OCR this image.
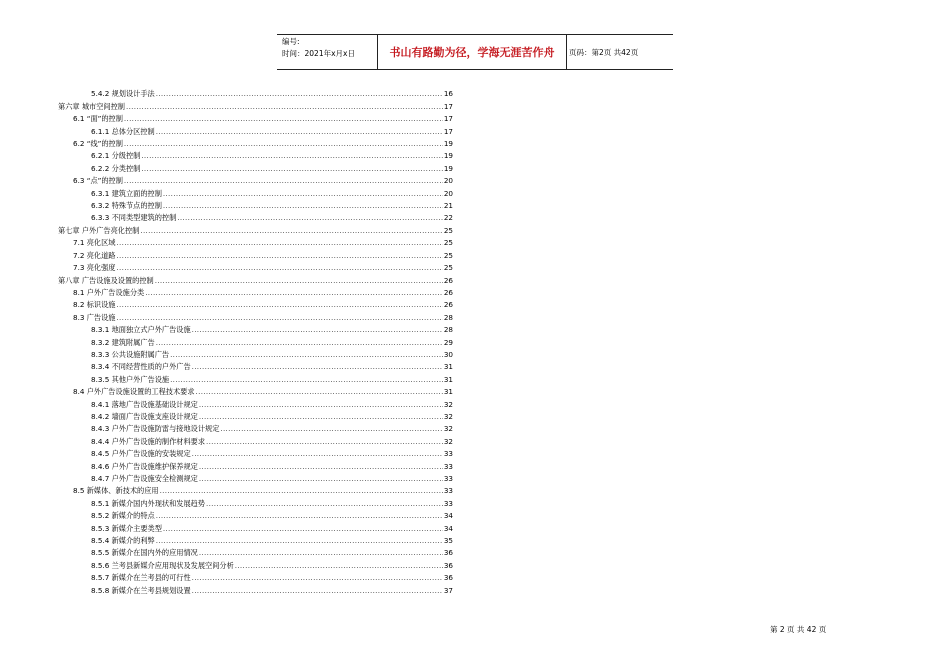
编号:
时间：2021年x月x日	书山有路勤为径，学海无涯苦作舟	页码：第2页 共42页
5.4.2 规划设计手法 .....	16
第六章 城市空间控制 .....	17
6.1 “面”的控制 .....	17
6.1.1 总体分区控制 .....	17
6.2 “线”的控制 .....	19
6.2.1 分级控制 .....	19
6.2.2 分类控制 .....	19
6.3 “点”的控制 .....	20
6.3.1 建筑立面的控制 .....	20
6.3.2 特殊节点的控制 .....	21
6.3.3 不同类型建筑的控制 .....	22
第七章 户外广告亮化控制 .....	25
7.1 亮化区域 .....	25
7.2 亮化道路 .....	25
7.3 亮化强度 .....	25
第八章 广告设施及设置的控制 .....	26
8.1 户外广告设施分类 .....	26
8.2 标识设施 .....	26
8.3 广告设施 .....	28
8.3.1 地面独立式户外广告设施 .....	28
8.3.2 建筑附属广告 .....	29
8.3.3 公共设施附属广告 .....	30
8.3.4 不同经营性质的户外广告 .....	31
8.3.5 其他户外广告设施 .....	31
8.4 户外广告设施设置的工程技术要求 .....	31
8.4.1 落地广告设施基础设计规定 .....	32
8.4.2 墙面广告设施支座设计规定 .....	32
8.4.3 户外广告设施防雷与接地设计规定 .....	32
8.4.4 户外广告设施的制作材料要求 .....	32
8.4.5 户外广告设施的安装规定 .....	33
8.4.6 户外广告设施维护保养规定 .....	33
8.4.7 户外广告设施安全检测规定 .....	33
8.5 新媒体、新技术的应用 .....	33
8.5.1 新媒介国内外现状和发展趋势 .....	33
8.5.2 新媒介的特点 .....	34
8.5.3 新媒介主要类型 .....	34
8.5.4 新媒介的利弊 .....	35
8.5.5 新媒介在国内外的应用情况 .....	36
8.5.6 兰考县新媒介应用现状及发展空间分析 .....	36
8.5.7 新媒介在兰考县的可行性 .....	36
8.5.8 新媒介在兰考县规划设置 .....	37
第 2 页 共 42 页
